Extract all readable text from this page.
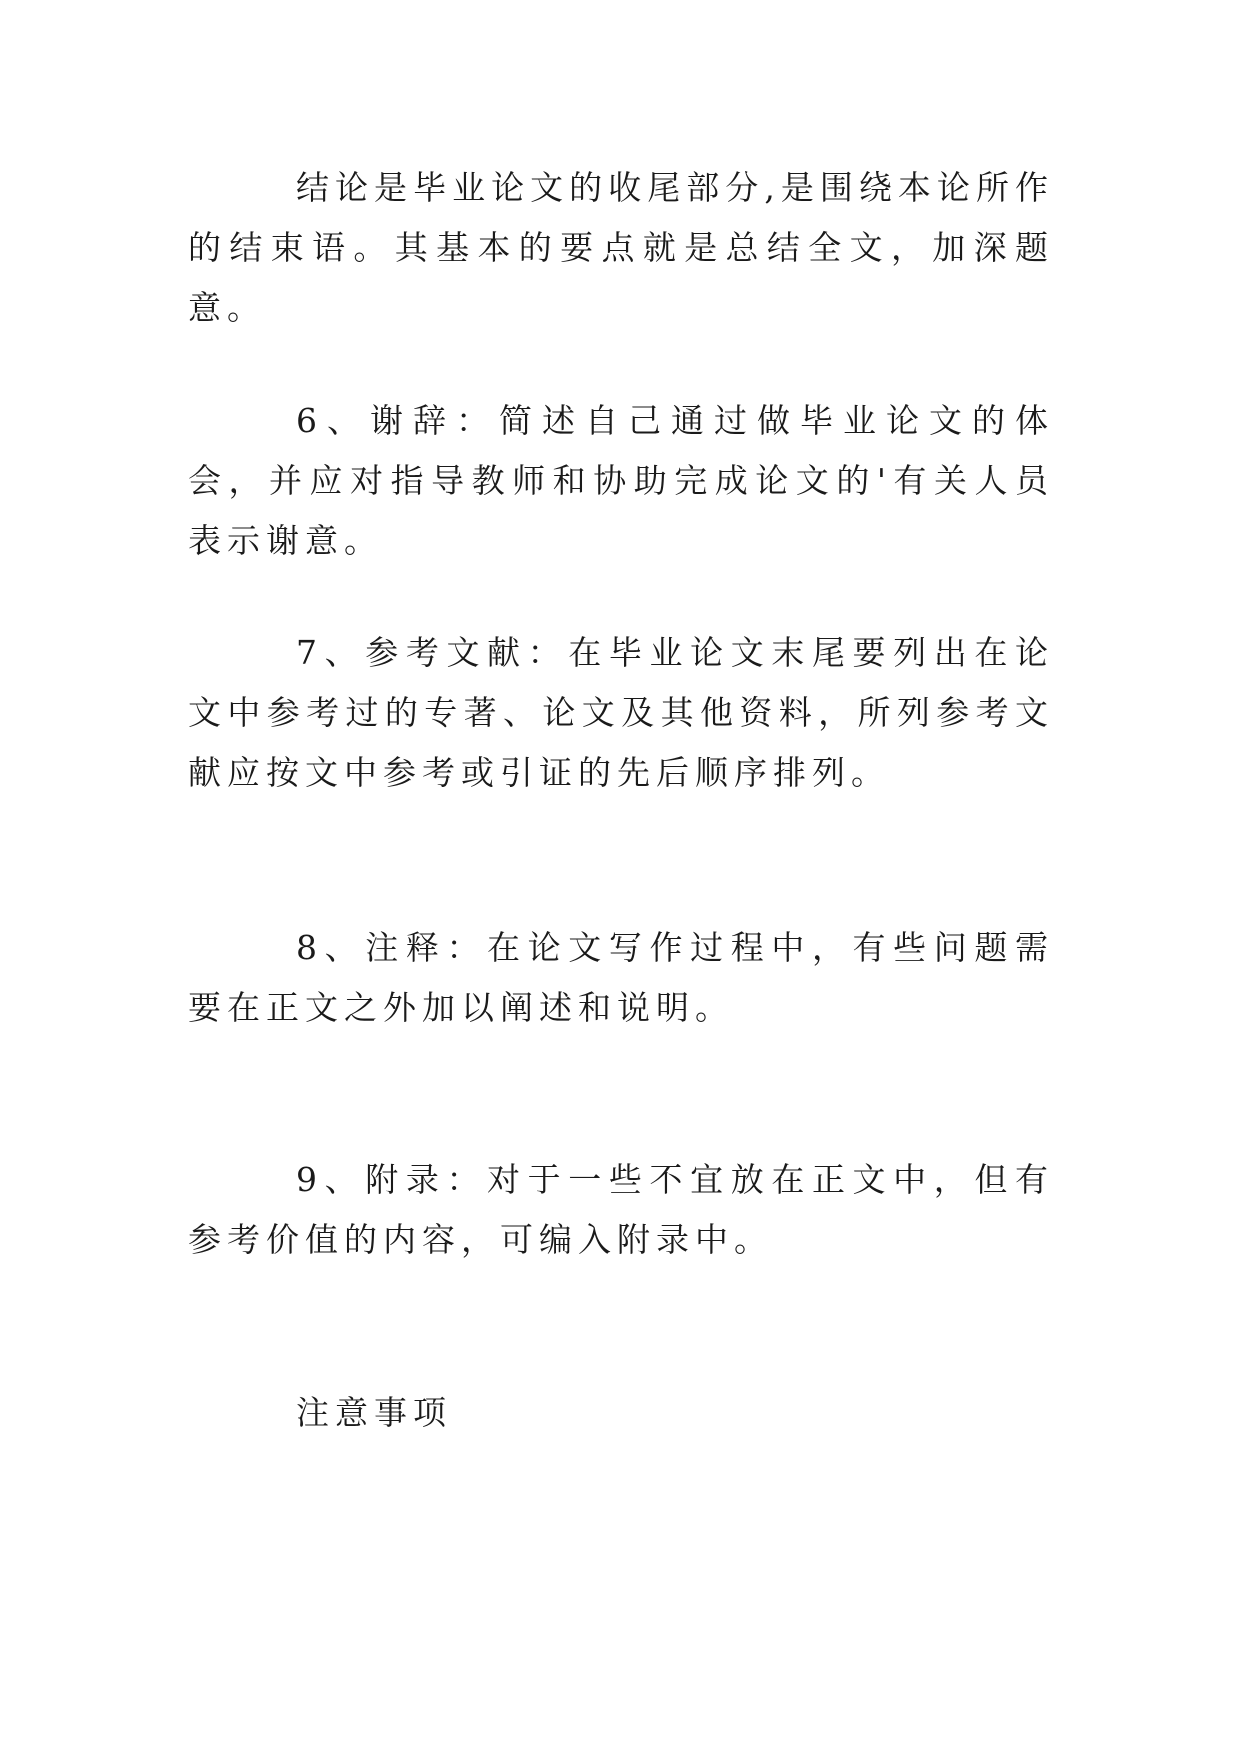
结论是毕业论文的收尾部分,是围绕本论所作的结束语。其基本的要点就是总结全文，加深题意。

6、谢辞：简述自己通过做毕业论文的体会，并应对指导教师和协助完成论文的'有关人员表示谢意。

7、参考文献：在毕业论文末尾要列出在论文中参考过的专著、论文及其他资料，所列参考文献应按文中参考或引证的先后顺序排列。

8、注释：在论文写作过程中，有些问题需要在正文之外加以阐述和说明。

9、附录：对于一些不宜放在正文中，但有参考价值的内容，可编入附录中。

注意事项
